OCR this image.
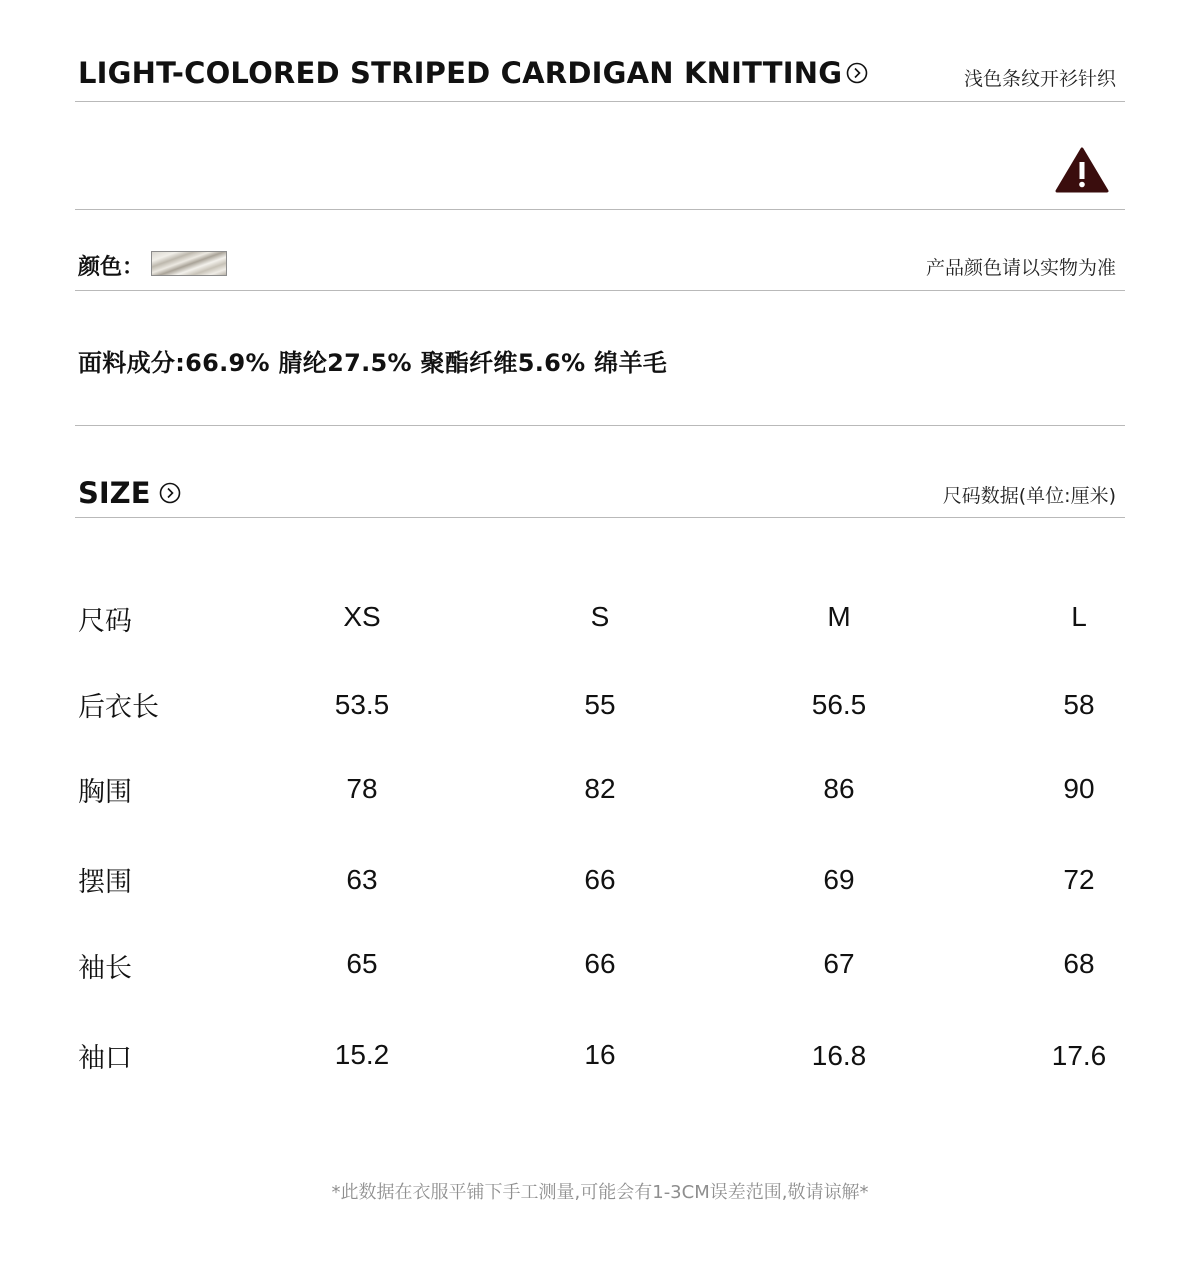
LIGHT-COLORED STRIPED CARDIGAN KNITTING	浅色条纹开衫针织
颜色：	产品颜色请以实物为准
面料成分:66.9% 腈纶27.5% 聚酯纤维5.6% 绵羊毛
SIZE	尺码数据(单位:厘米)
尺码	XS	S	M	L
后衣长	53.5	55	56.5	58
胸围	78	82	86	90
摆围	63	66	69	72
袖长	65	66	67	68
袖口	15.2	16	16.8	17.6
*此数据在衣服平铺下手工测量,可能会有1-3CM误差范围,敬请谅解*
